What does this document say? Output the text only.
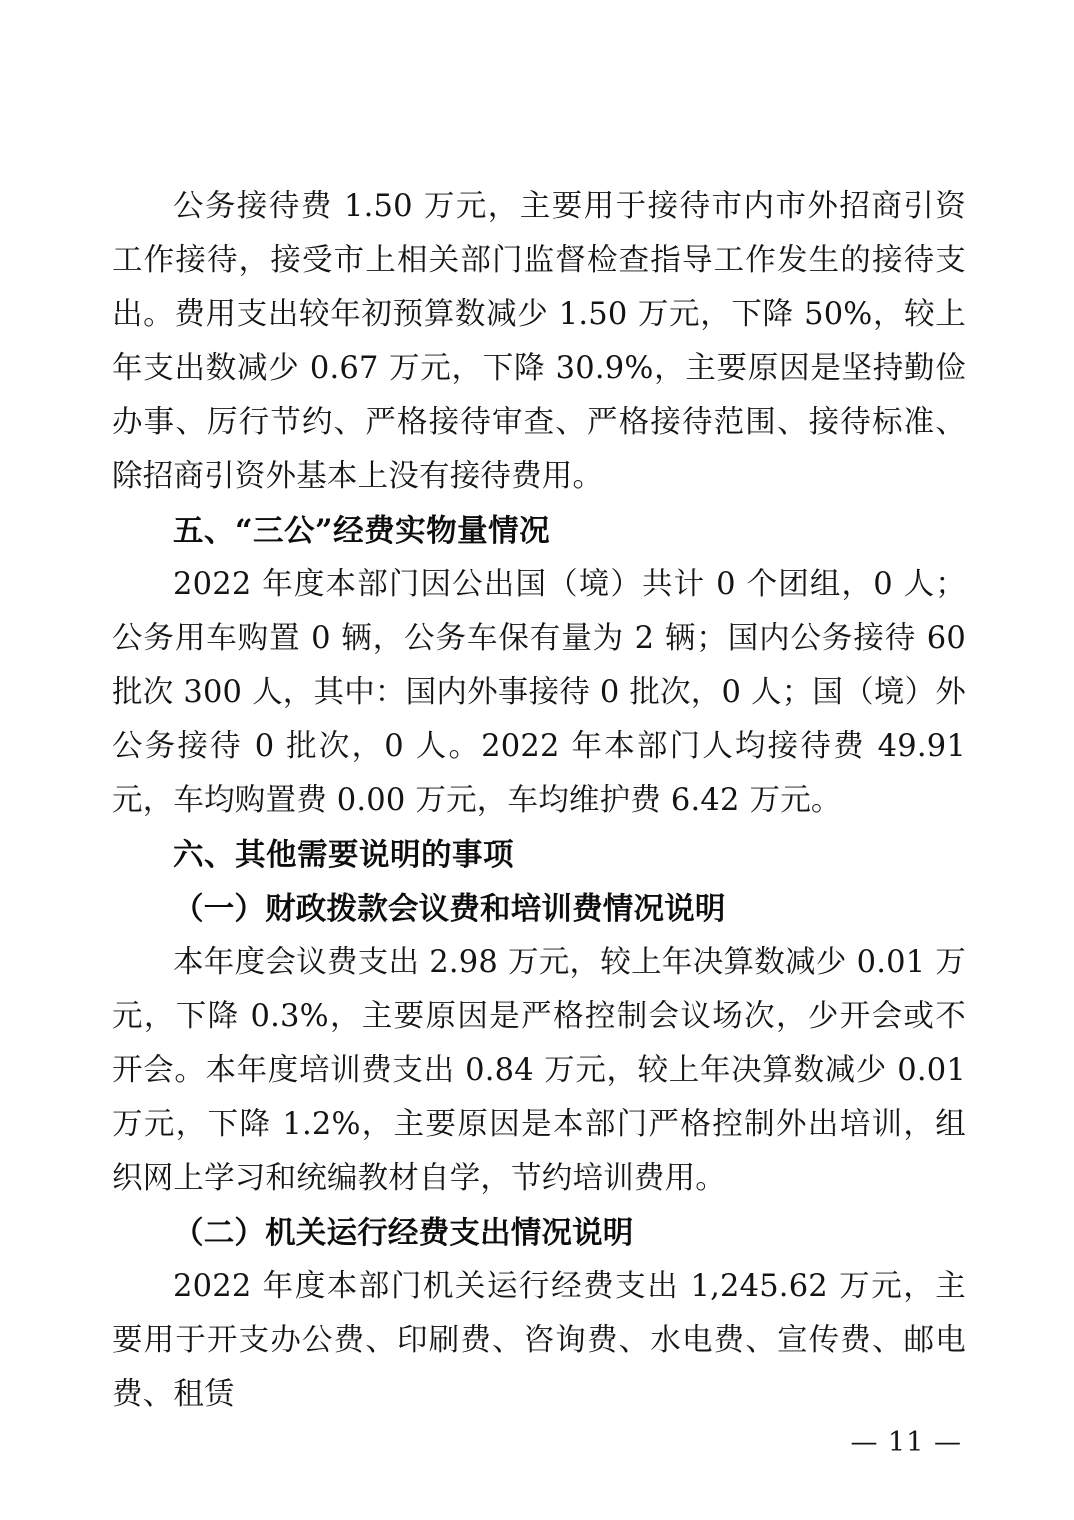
公务接待费 1.50 万元，主要用于接待市内市外招商引资工作接待，接受市上相关部门监督检查指导工作发生的接待支出。费用支出较年初预算数减少 1.50 万元，下降 50%，较上年支出数减少 0.67 万元，下降 30.9%，主要原因是坚持勤俭办事、厉行节约、严格接待审查、严格接待范围、接待标准、除招商引资外基本上没有接待费用。

五、“三公”经费实物量情况

2022 年度本部门因公出国（境）共计 0 个团组，0 人；公务用车购置 0 辆，公务车保有量为 2 辆；国内公务接待 60 批次 300 人，其中：国内外事接待 0 批次，0 人；国（境）外公务接待 0 批次，0 人。2022 年本部门人均接待费 49.91 元，车均购置费 0.00 万元，车均维护费 6.42 万元。

六、其他需要说明的事项

（一）财政拨款会议费和培训费情况说明

本年度会议费支出 2.98 万元，较上年决算数减少 0.01 万元，下降 0.3%，主要原因是严格控制会议场次，少开会或不开会。本年度培训费支出 0.84 万元，较上年决算数减少 0.01 万元，下降 1.2%，主要原因是本部门严格控制外出培训，组织网上学习和统编教材自学，节约培训费用。

（二）机关运行经费支出情况说明

2022 年度本部门机关运行经费支出 1,245.62 万元，主要用于开支办公费、印刷费、咨询费、水电费、宣传费、邮电费、租赁

— 11 —
